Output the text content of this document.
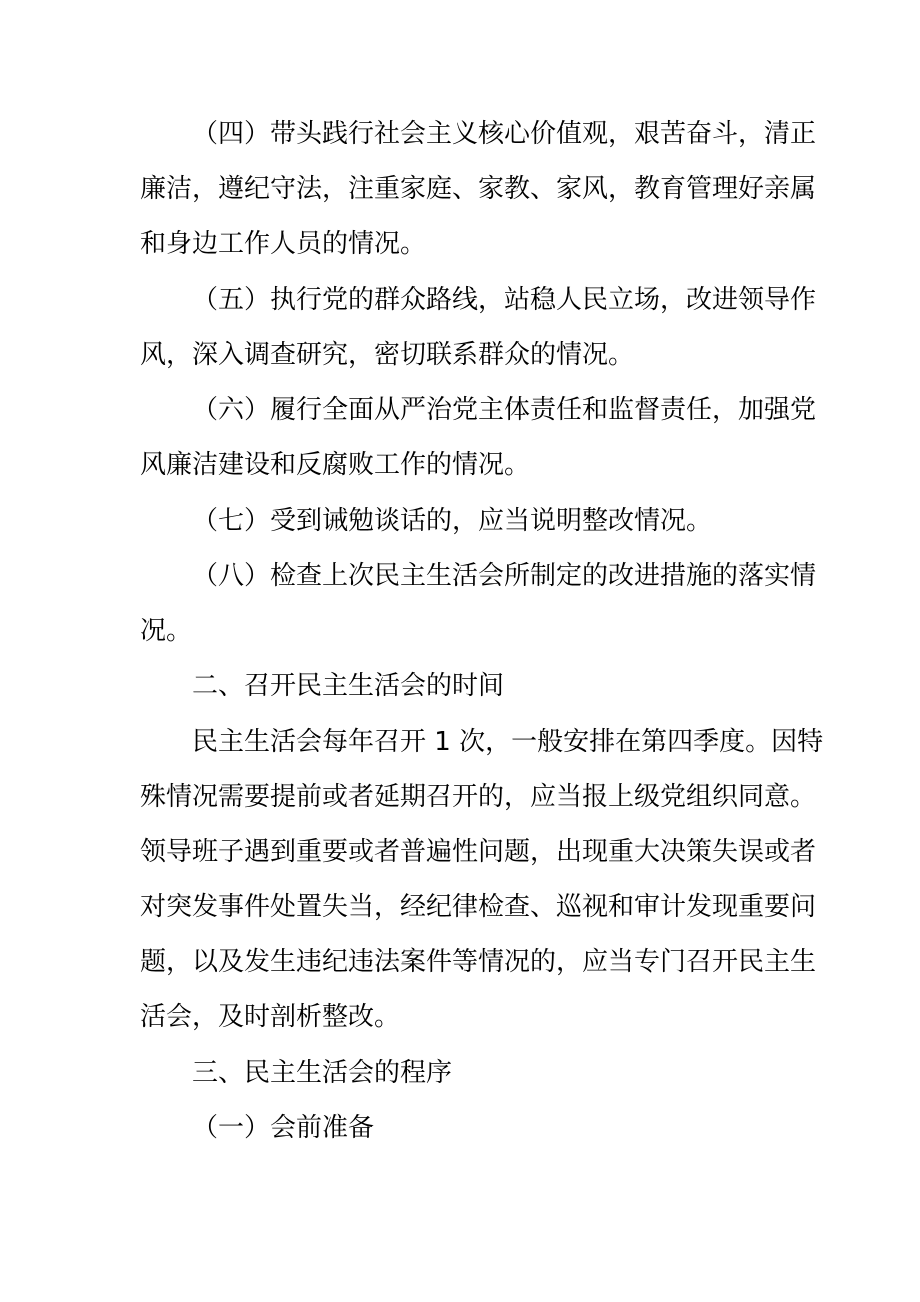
（四）带头践行社会主义核心价值观，艰苦奋斗，清正
廉洁，遵纪守法，注重家庭、家教、家风，教育管理好亲属
和身边工作人员的情况。
（五）执行党的群众路线，站稳人民立场，改进领导作
风，深入调查研究，密切联系群众的情况。
（六）履行全面从严治党主体责任和监督责任，加强党
风廉洁建设和反腐败工作的情况。
（七）受到诫勉谈话的，应当说明整改情况。
（八）检查上次民主生活会所制定的改进措施的落实情
况。
二、召开民主生活会的时间
民主生活会每年召开 1 次，一般安排在第四季度。因特
殊情况需要提前或者延期召开的，应当报上级党组织同意。
领导班子遇到重要或者普遍性问题，出现重大决策失误或者
对突发事件处置失当，经纪律检查、巡视和审计发现重要问
题，以及发生违纪违法案件等情况的，应当专门召开民主生
活会，及时剖析整改。
三、民主生活会的程序
（一）会前准备
